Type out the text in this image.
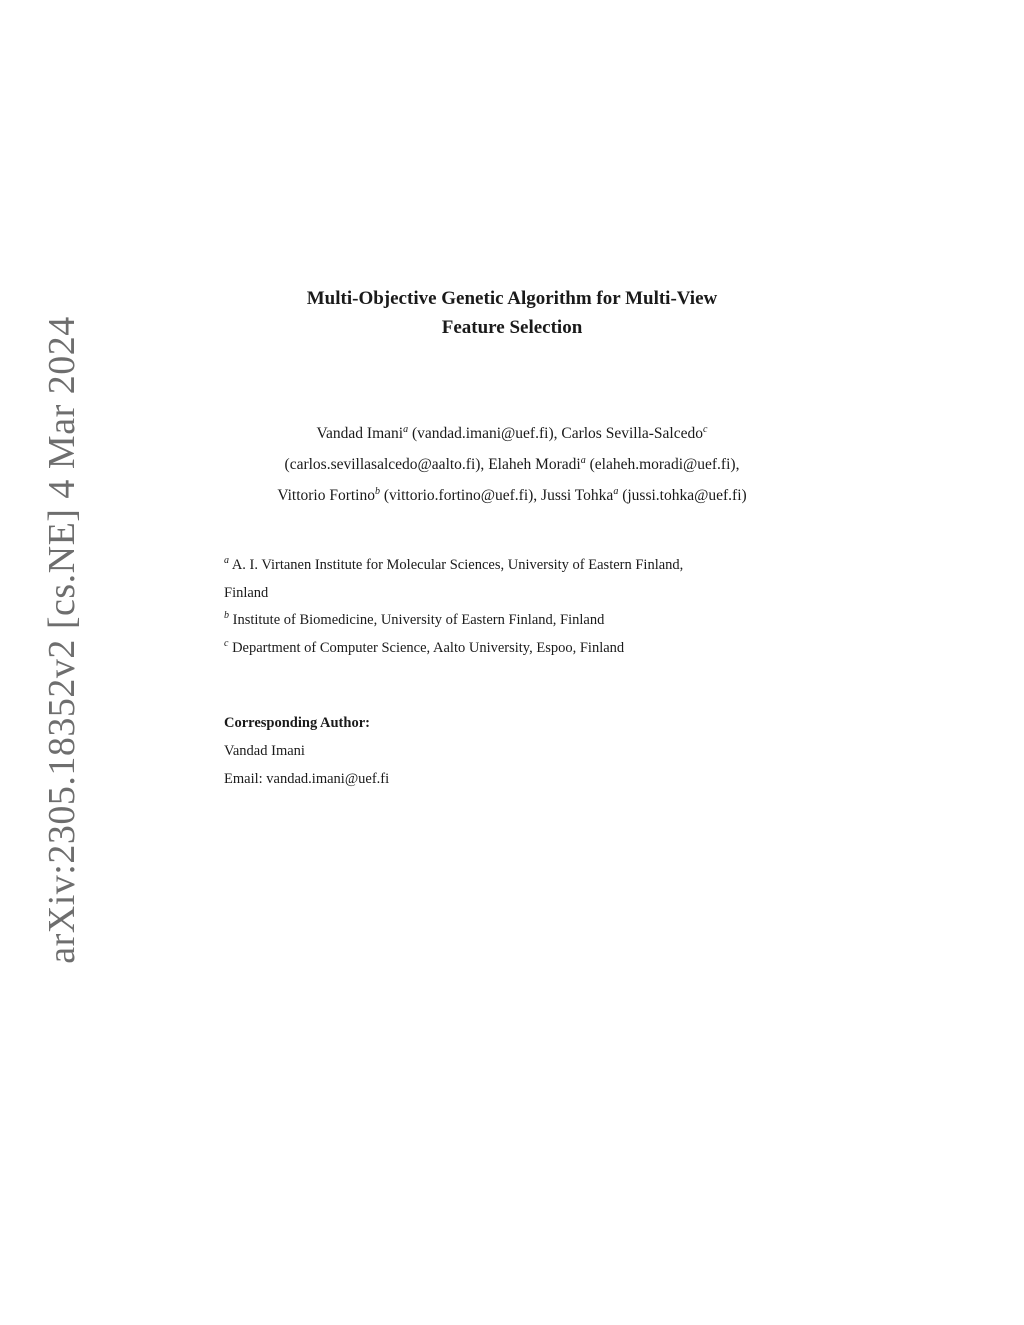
arXiv:2305.18352v2 [cs.NE] 4 Mar 2024
Multi-Objective Genetic Algorithm for Multi-View
Feature Selection
Vandad Imani$^a$ (vandad.imani@uef.fi), Carlos Sevilla-Salcedo$^c$
(carlos.sevillasalcedo@aalto.fi), Elaheh Moradi$^a$ (elaheh.moradi@uef.fi),
Vittorio Fortino$^b$ (vittorio.fortino@uef.fi), Jussi Tohka$^a$ (jussi.tohka@uef.fi)
$^a$ A. I. Virtanen Institute for Molecular Sciences, University of Eastern Finland,
Finland
$^b$ Institute of Biomedicine, University of Eastern Finland, Finland
$^c$ Department of Computer Science, Aalto University, Espoo, Finland
Corresponding Author:
Vandad Imani
Email: vandad.imani@uef.fi
